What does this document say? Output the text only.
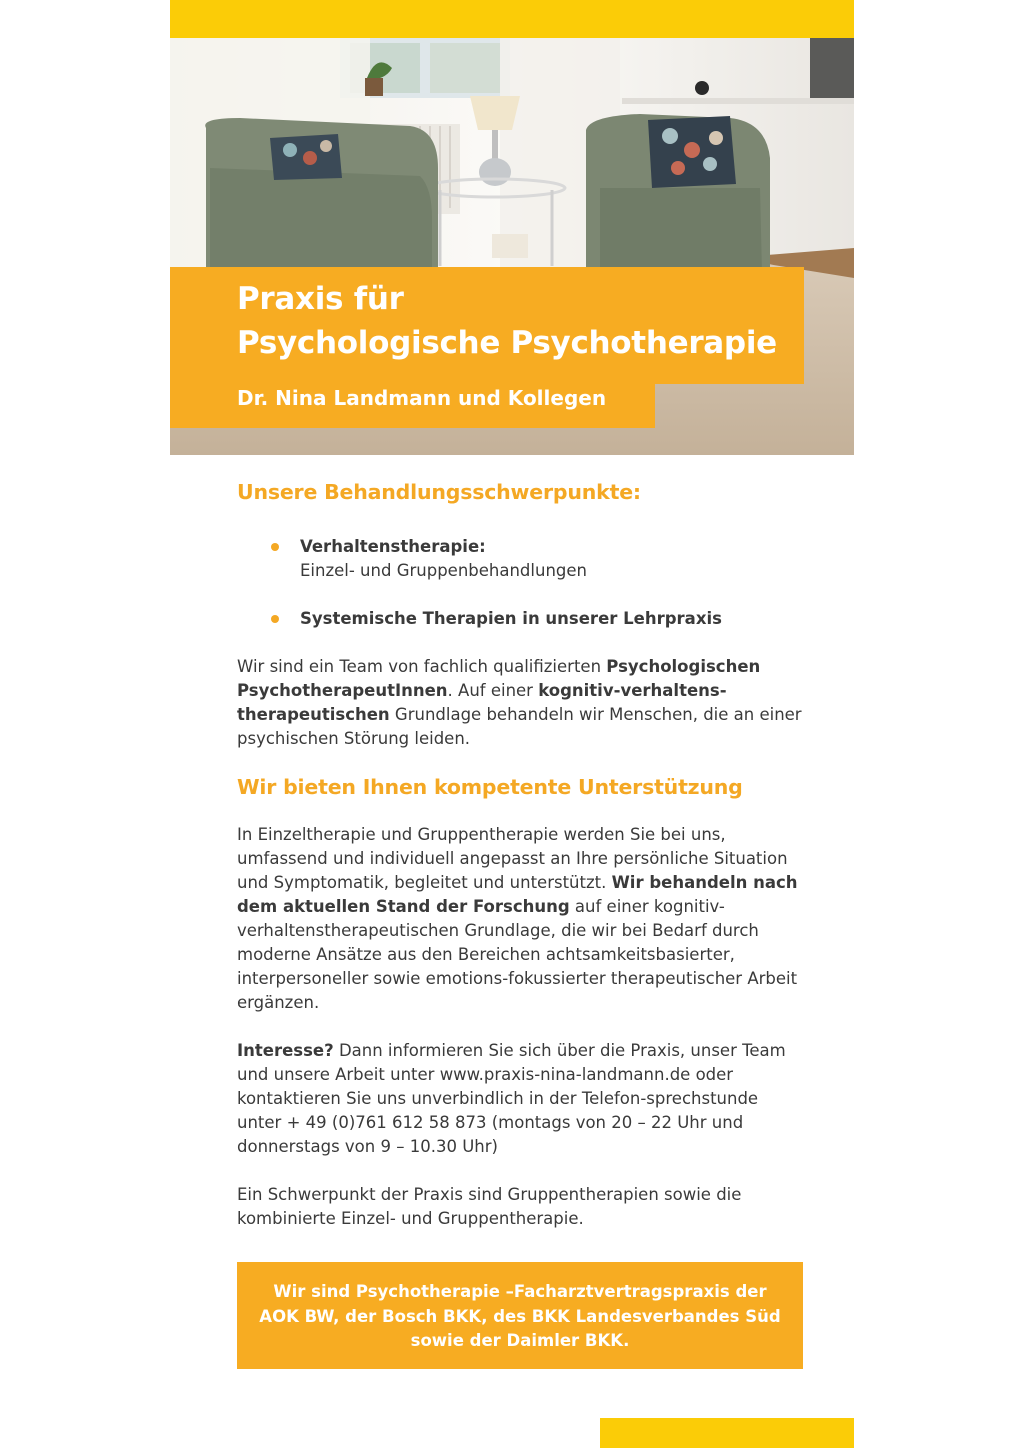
Praxis für
Psychologische Psychotherapie
Dr. Nina Landmann und Kollegen
Unsere Behandlungsschwerpunkte:
Verhaltenstherapie:
Einzel- und Gruppenbehandlungen
Systemische Therapien in unserer Lehrpraxis

Wir sind ein Team von fachlich qualifizierten Psychologischen PsychotherapeutInnen. Auf einer kognitiv-verhaltens-therapeutischen Grundlage behandeln wir Menschen, die an einer psychischen Störung leiden.

Wir bieten Ihnen kompetente Unterstützung

In Einzeltherapie und Gruppentherapie werden Sie bei uns, umfassend und individuell angepasst an Ihre persönliche Situation und Symptomatik, begleitet und unterstützt. Wir behandeln nach dem aktuellen Stand der Forschung auf einer kognitiv-verhaltenstherapeutischen Grundlage, die wir bei Bedarf durch moderne Ansätze aus den Bereichen achtsamkeitsbasierter, interpersoneller sowie emotions-fokussierter therapeutischer Arbeit ergänzen.

Interesse? Dann informieren Sie sich über die Praxis, unser Team und unsere Arbeit unter www.praxis-nina-landmann.de oder kontaktieren Sie uns unverbindlich in der Telefon-sprechstunde unter + 49 (0)761 612 58 873 (montags von 20 – 22 Uhr und donnerstags von 9 – 10.30 Uhr)

Ein Schwerpunkt der Praxis sind Gruppentherapien sowie die kombinierte Einzel- und Gruppentherapie.

Wir sind Psychotherapie –Facharztvertragspraxis der
AOK BW, der Bosch BKK, des BKK Landesverbandes Süd
sowie der Daimler BKK.
